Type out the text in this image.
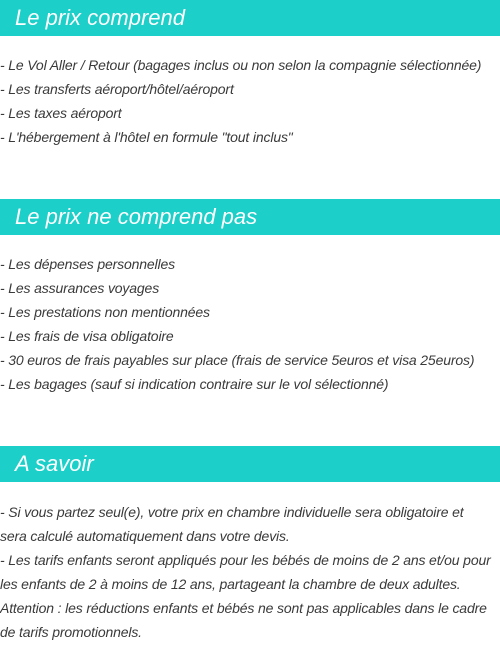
Le prix comprend
- Le Vol Aller / Retour (bagages inclus ou non selon la compagnie sélectionnée)
- Les transferts aéroport/hôtel/aéroport
- Les taxes aéroport
- L'hébergement à l'hôtel en formule "tout inclus"
Le prix ne comprend pas
- Les dépenses personnelles
- Les assurances voyages
- Les prestations non mentionnées
- Les frais de visa obligatoire
- 30 euros de frais payables sur place (frais de service 5euros et visa 25euros)
- Les bagages (sauf si indication contraire sur le vol sélectionné)
A savoir
- Si vous partez seul(e), votre prix en chambre individuelle sera obligatoire et
sera calculé automatiquement dans votre devis.
- Les tarifs enfants seront appliqués pour les bébés de moins de 2 ans et/ou pour
les enfants de 2 à moins de 12 ans, partageant la chambre de deux adultes.
Attention : les réductions enfants et bébés ne sont pas applicables dans le cadre
de tarifs promotionnels.
